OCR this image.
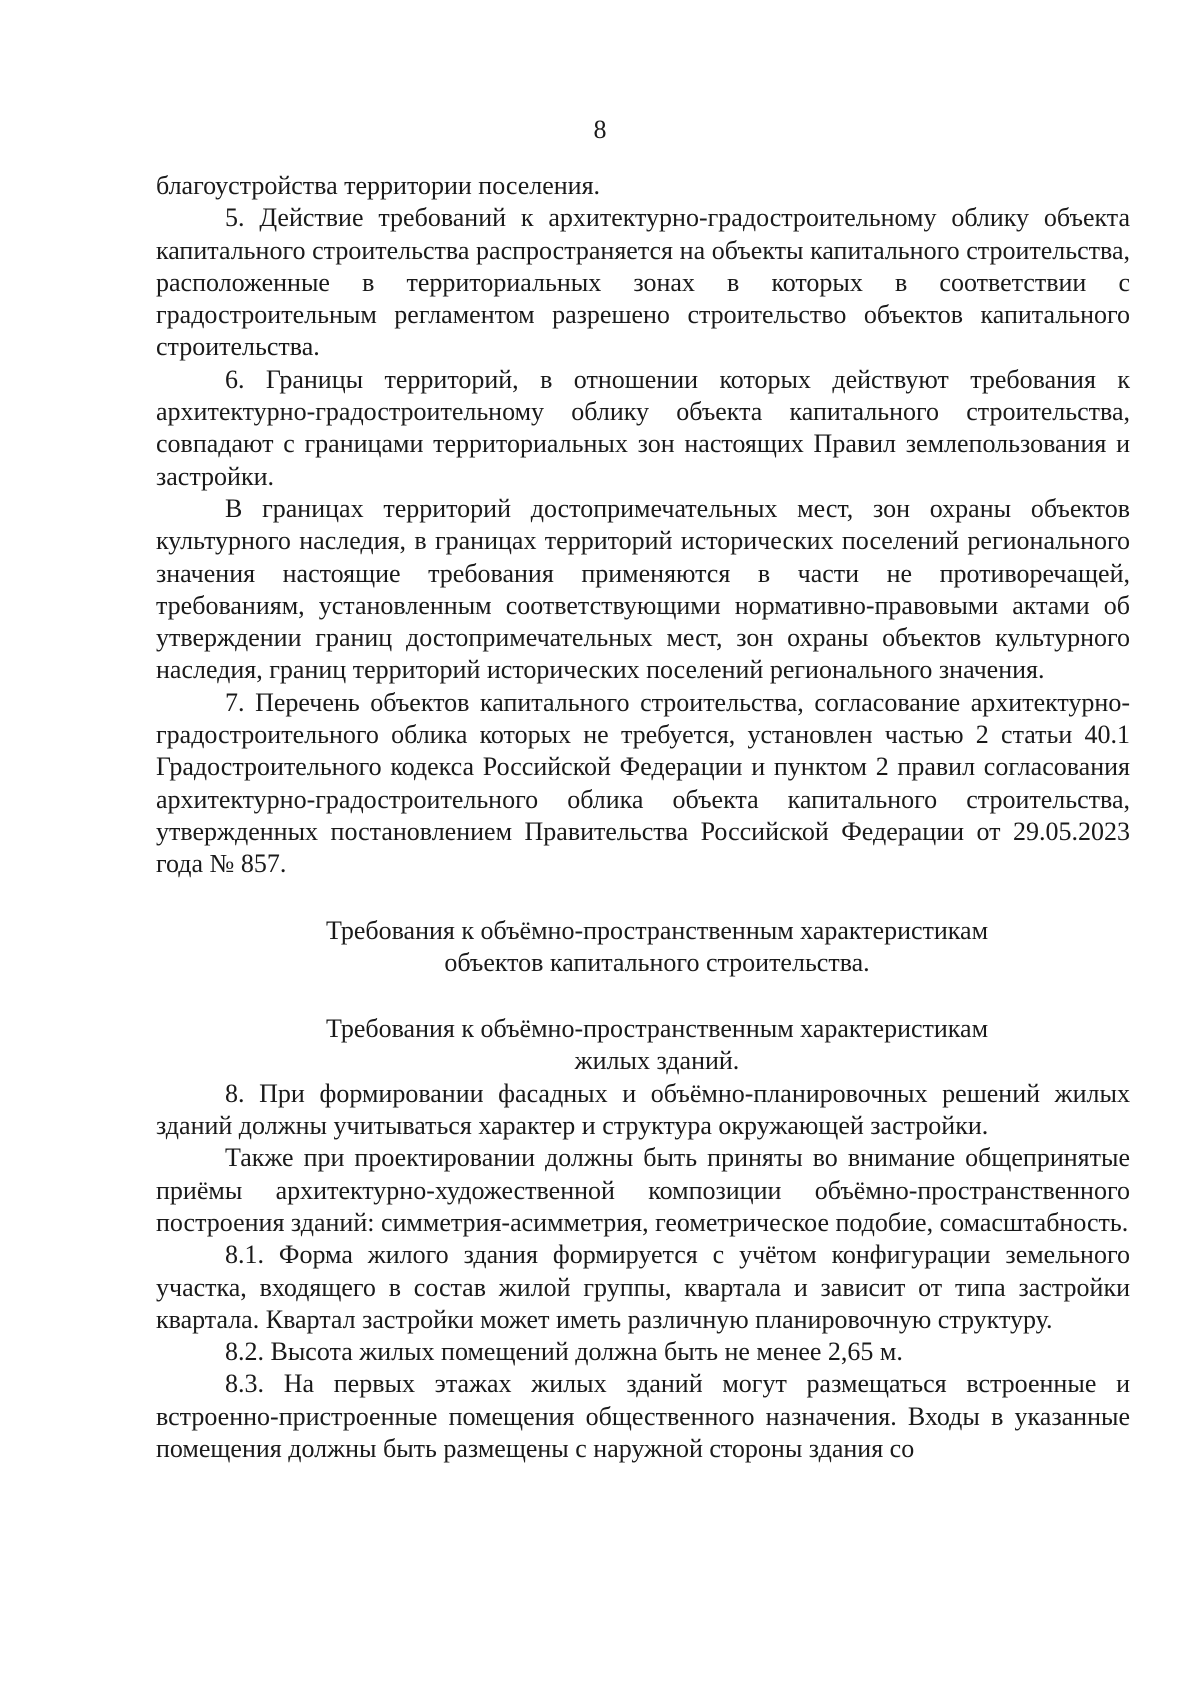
8

благоустройства территории поселения.

5. Действие требований к архитектурно-градостроительному облику объекта капитального строительства распространяется на объекты капитального строительства, расположенные в территориальных зонах в которых в соответствии с градостроительным регламентом разрешено строительство объектов капитального строительства.

6. Границы территорий, в отношении которых действуют требования к архитектурно-градостроительному облику объекта капитального строительства, совпадают с границами территориальных зон настоящих Правил землепользования и застройки.

В границах территорий достопримечательных мест, зон охраны объектов культурного наследия, в границах территорий исторических поселений регионального значения настоящие требования применяются в части не противоречащей, требованиям, установленным соответствующими нормативно-правовыми актами об утверждении границ достопримечательных мест, зон охраны объектов культурного наследия, границ территорий исторических поселений регионального значения.

7. Перечень объектов капитального строительства, согласование архитектурно-градостроительного облика которых не требуется, установлен частью 2 статьи 40.1 Градостроительного кодекса Российской Федерации и пунктом 2 правил согласования архитектурно-градостроительного облика объекта капитального строительства, утвержденных постановлением Правительства Российской Федерации от 29.05.2023 года № 857.

Требования к объёмно-пространственным характеристикам

объектов капитального строительства.

Требования к объёмно-пространственным характеристикам

жилых зданий.

8. При формировании фасадных и объёмно-планировочных решений жилых зданий должны учитываться характер и структура окружающей застройки.

Также при проектировании должны быть приняты во внимание общепринятые приёмы архитектурно-художественной композиции объёмно-пространственного построения зданий: симметрия-асимметрия, геометрическое подобие, сомасштабность.

8.1. Форма жилого здания формируется с учётом конфигурации земельного участка, входящего в состав жилой группы, квартала и зависит от типа застройки квартала. Квартал застройки может иметь различную планировочную структуру.

8.2. Высота жилых помещений должна быть не менее 2,65 м.

8.3. На первых этажах жилых зданий могут размещаться встроенные и встроенно-пристроенные помещения общественного назначения. Входы в указанные помещения должны быть размещены с наружной стороны здания со
